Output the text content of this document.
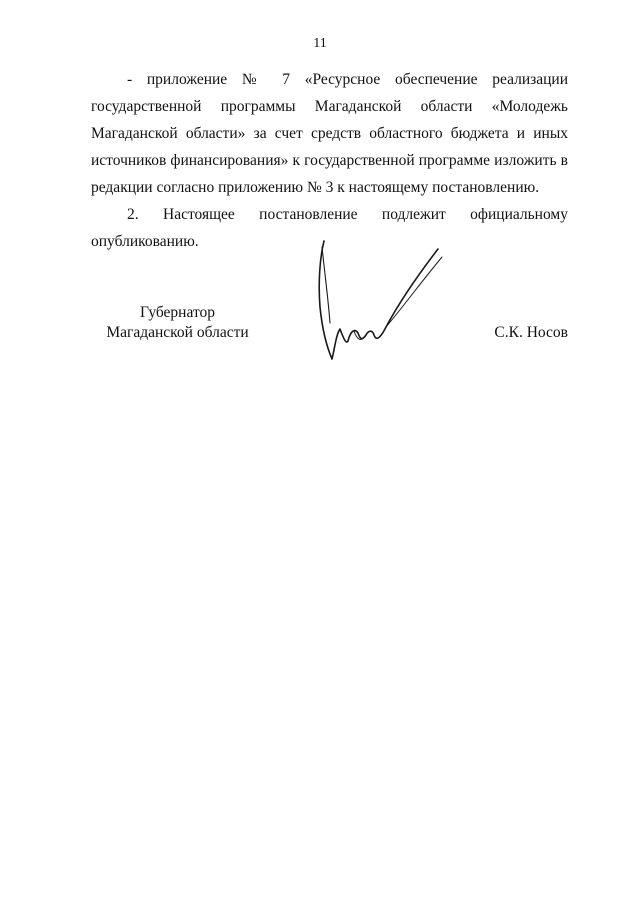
11

- приложение № 7 «Ресурсное обеспечение реализации государственной программы Магаданской области «Молодежь Магаданской области» за счет средств областного бюджета и иных источников финансирования» к государственной программе изложить в редакции согласно приложению № 3 к настоящему постановлению.

2. Настоящее постановление подлежит официальному опубликованию.

Губернатор
Магаданской области	С.К. Носов
